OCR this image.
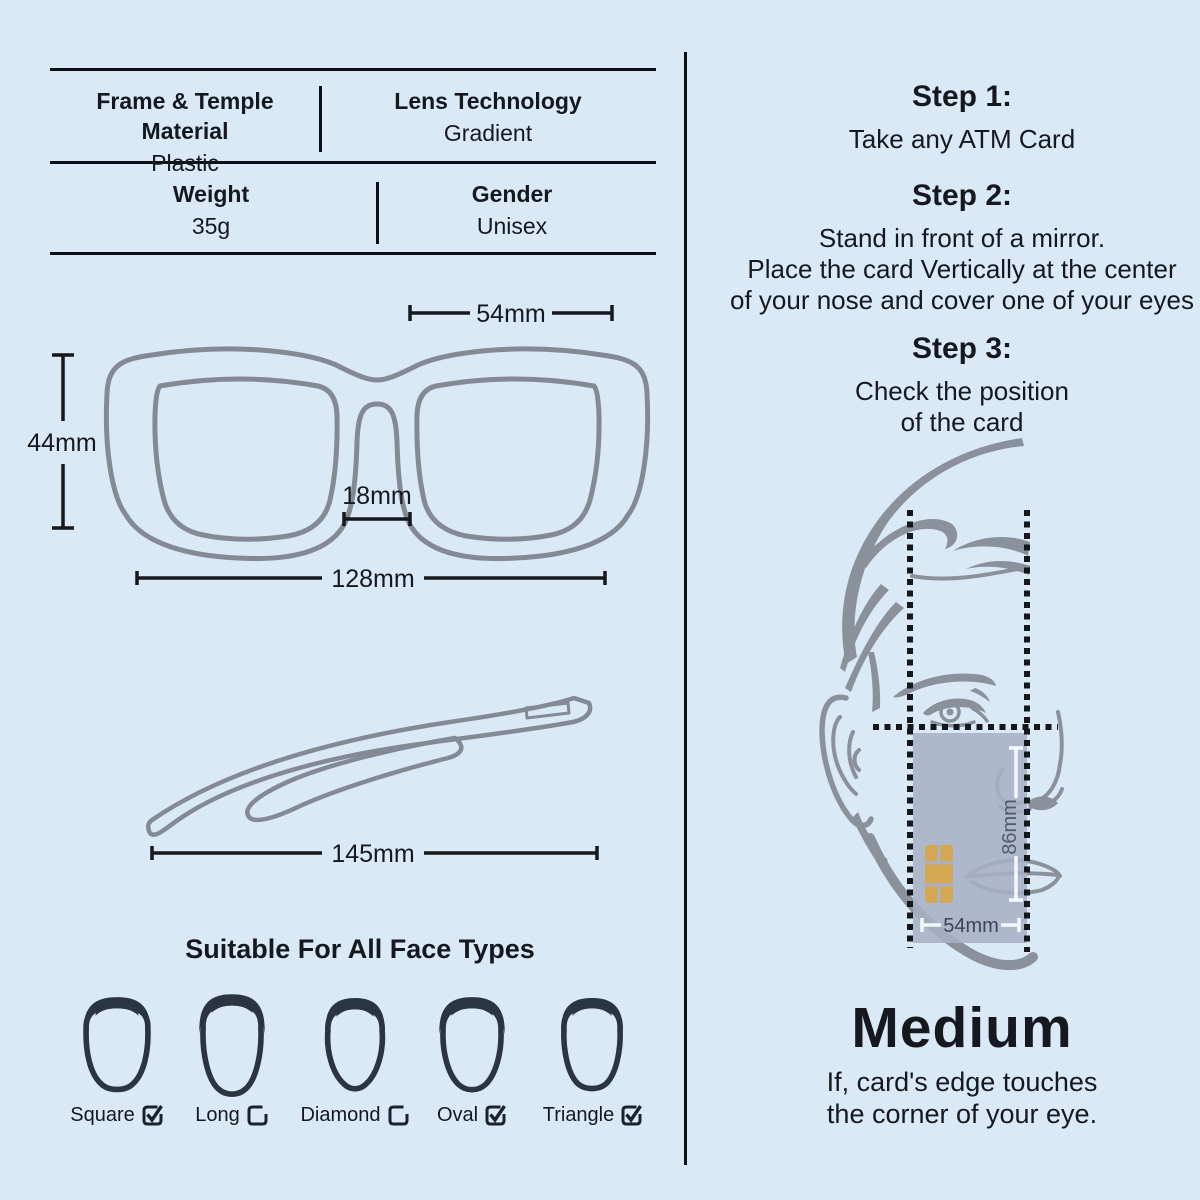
Frame & Temple Material
Plastic
Lens Technology
Gradient
Weight
35g
Gender
Unisex
54mm
44mm
18mm
128mm
145mm
Suitable For All Face Types
Square	Long	Diamond	Oval	Triangle
Step 1:
Take any ATM Card
Step 2:
Stand in front of a mirror.
Place the card Vertically at the center
of your nose and cover one of your eyes
Step 3:
Check the position
of the card
86mm
54mm
Medium
If, card's edge touches
the corner of your eye.
